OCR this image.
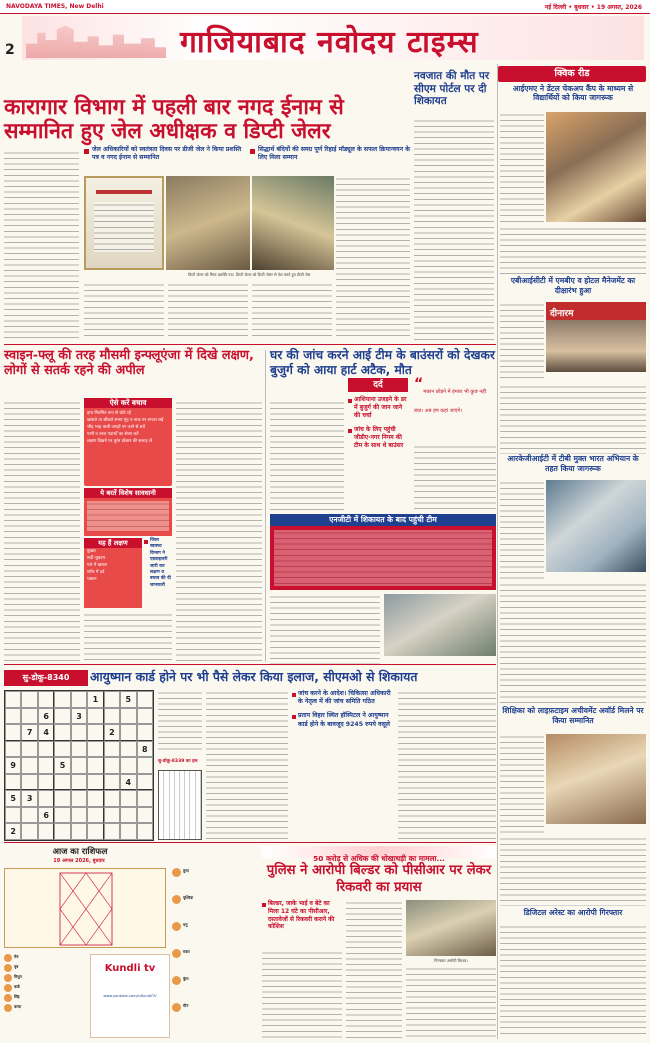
NAVODAYA TIMES, New Delhi	नई दिल्ली • बुधवार • 19 अगस्त, 2026
2	गाजियाबाद नवोदय टाइम्स
कारागार विभाग में पहली बार नगद ईनाम से सम्मानित हुए जेल अधीक्षक व डिप्टी जेलर
जेल अधिकारियों को स्वतंत्रता दिवस पर डीजी जेल ने किया प्रशस्ति पत्र व नगद ईनाम से सम्मानित
सिद्धार्थ बंदियों की समग्र पूर्ण रिहाई मॉड्यूल के सफल क्रियान्वयन के लिए मिला सम्मान
डिप्टी जेलर को मिला प्रशस्ति पत्र। डिप्टी जेलर को डिप्टी जेलर से पेश करते हुए डीजी जेल
नवजात की मौत पर सीएम पोर्टल पर दी शिकायत
क्विक रीड
आईएमए ने डेंटल चेकअप कैंप के माध्यम से विद्यार्थियों को किया जागरूक
एबीआईसीटी में एमबीए व होटल मैनेजमेंट का दीक्षारंभ हुआ
दीनारम
आरकेजीआईटी में टीबी मुक्त भारत अभियान के तहत किया जागरूक
शिक्षिका को लाइफ़टाइम अचीवमेंट अवॉर्ड मिलने पर किया सम्मानित
डिजिटल अरेस्ट का आरोपी गिरफ्तार
स्वाइन-फ्लू की तरह मौसमी इन्फ्लूएंजा में दिखे लक्षण, लोगों से सतर्क रहने की अपील
ऐसे करें बचाव
हाथ नियमित रूप से धोते रहें
खांसते या छींकते समय मुंह व नाक पर रुमाल रखें
भीड़ भाड़ वाली जगहों पर जाने से बचें
पानी व तरल पदार्थों का सेवन करें
लक्षण दिखने पर तुरंत डॉक्टर की सलाह लें
ये बरतें विशेष सावधानी
यह हैं लक्षण
बुखार
सर्दी-जुकाम
गले में खराश
शरीर में दर्द
थकान
जिला स्वास्थ्य विभाग ने एडवाइजरी जारी कर लक्षण व बचाव की दी जानकारी
घर की जांच करने आई टीम के बाउंसरों को देखकर बुजुर्ग को आया हार्ट अटैक, मौत
दर्द
आशियाना उजड़ने के डर में बुजुर्ग की जान जाने की चर्चा
जांच के लिए पहुंची जीडीए-नगर निगम की टीम के साथ थे बाउंसर
“ मकान छोड़ने में हमारा भी कुछ नहीं बचा। अब हम कहां जाएंगे।
एनजीटी में शिकायत के बाद पहुंची टीम
आयुष्मान कार्ड होने पर भी पैसे लेकर किया इलाज, सीएमओ से शिकायत
सु-डोकू-8340
1	5
6	3
7	4	2
8
9	5
4
5	3
6
2
सु-डोकू-8339 का हल
जांच करने के आदेश। चिकित्सा अधिकारी के नेतृत्व में की जांच समिति गठित
प्रताप विहार स्थित हॉस्पिटल ने आयुष्मान कार्ड होने के बावजूद 9245 रुपये वसूले
आज का राशिफल
19 अगस्त 2026, बुधवार
Kundli tv
www.youtube.com/c/KundliTV
मेष
वृष
मिथुन
कर्क
सिंह
कन्या
तुला
वृश्चिक
धनु
मकर
कुंभ
मीन
50 करोड़ से अधिक की धोखाधड़ी का मामला...
पुलिस ने आरोपी बिल्डर को पीसीआर पर लेकर रिकवरी का प्रयास
बिल्डर, जाके भाई व बेटे का मिला 12 घंटे का पीसीआर, दस्तावेजों से रिकवरी कराने की कोशिश
गिरफ्तार आरोपी बिल्डर।
